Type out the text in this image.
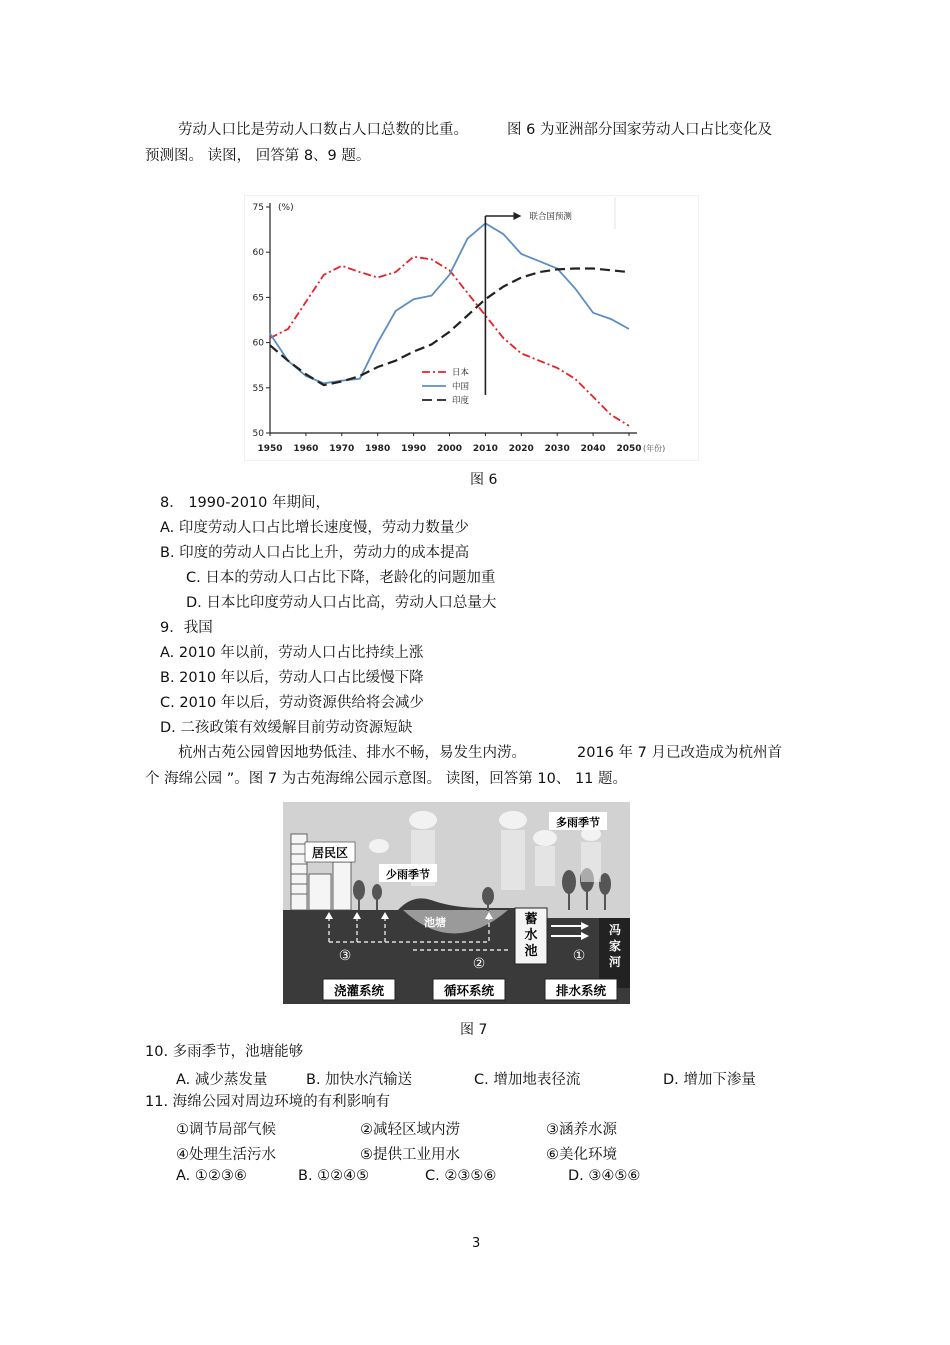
劳动人口比是劳动人口数占人口总数的比重。	图 6 为亚洲部分国家劳动人口占比变化及
预测图。 读图， 回答第 8、9 题。
75
60
65
60
55
50
(%)
1950 1960 1970 1980 1990 2000 2010 2020 2030 2040 2050 (年份)
日本
中国
印度
联合国预测
图 6
8． 1990-2010 年期间，
A. 印度劳动人口占比增长速度慢，劳动力数量少
B. 印度的劳动人口占比上升，劳动力的成本提高
C. 日本的劳动人口占比下降，老龄化的问题加重
D. 日本比印度劳动人口占比高，劳动人口总量大
9．我国
A. 2010 年以前，劳动人口占比持续上涨
B. 2010 年以后，劳动人口占比缓慢下降
C. 2010 年以后，劳动资源供给将会减少
D. 二孩政策有效缓解目前劳动资源短缺
杭州古苑公园曾因地势低洼、排水不畅，易发生内涝。	2016 年 7 月已改造成为杭州首
个 海绵公园 ”。图 7 为古苑海绵公园示意图。 读图，回答第 10、 11 题。
居民区
少雨季节
多雨季节
池塘	蓄
水
池
冯
家
河
①
②
③
浇灌系统	循环系统	排水系统
图 7
10. 多雨季节，池塘能够
A. 减少蒸发量	B. 加快水汽输送	C. 增加地表径流	D. 增加下渗量
11. 海绵公园对周边环境的有利影响有
①调节局部气候	②减轻区域内涝	③涵养水源
④处理生活污水	⑤提供工业用水	⑥美化环境
A. ①②③⑥	B. ①②④⑤	C. ②③⑤⑥	D. ③④⑤⑥
3
